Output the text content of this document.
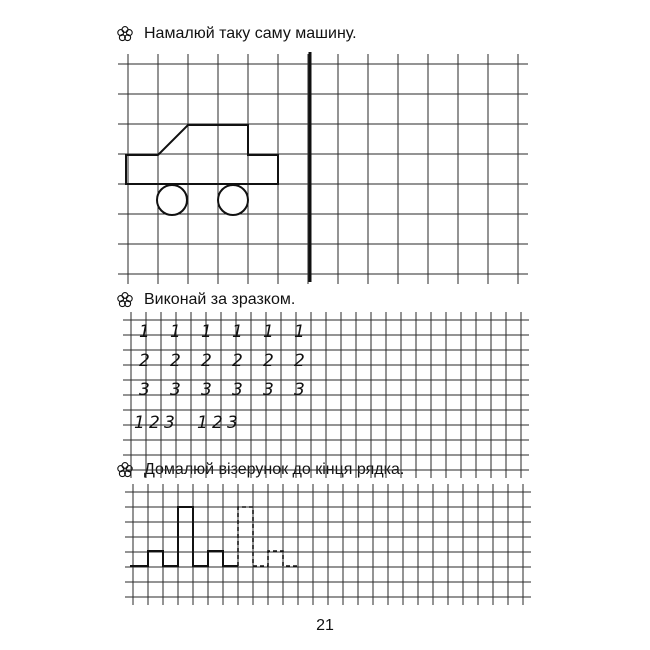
Намалюй таку саму машину.
Виконай за зразком.
Домалюй візерунок до кінця рядка.
1 1 1 1 1 1
2 2 2 2 2 2
3 3 3 3 3 3
1 2 3 1 2 3
21
